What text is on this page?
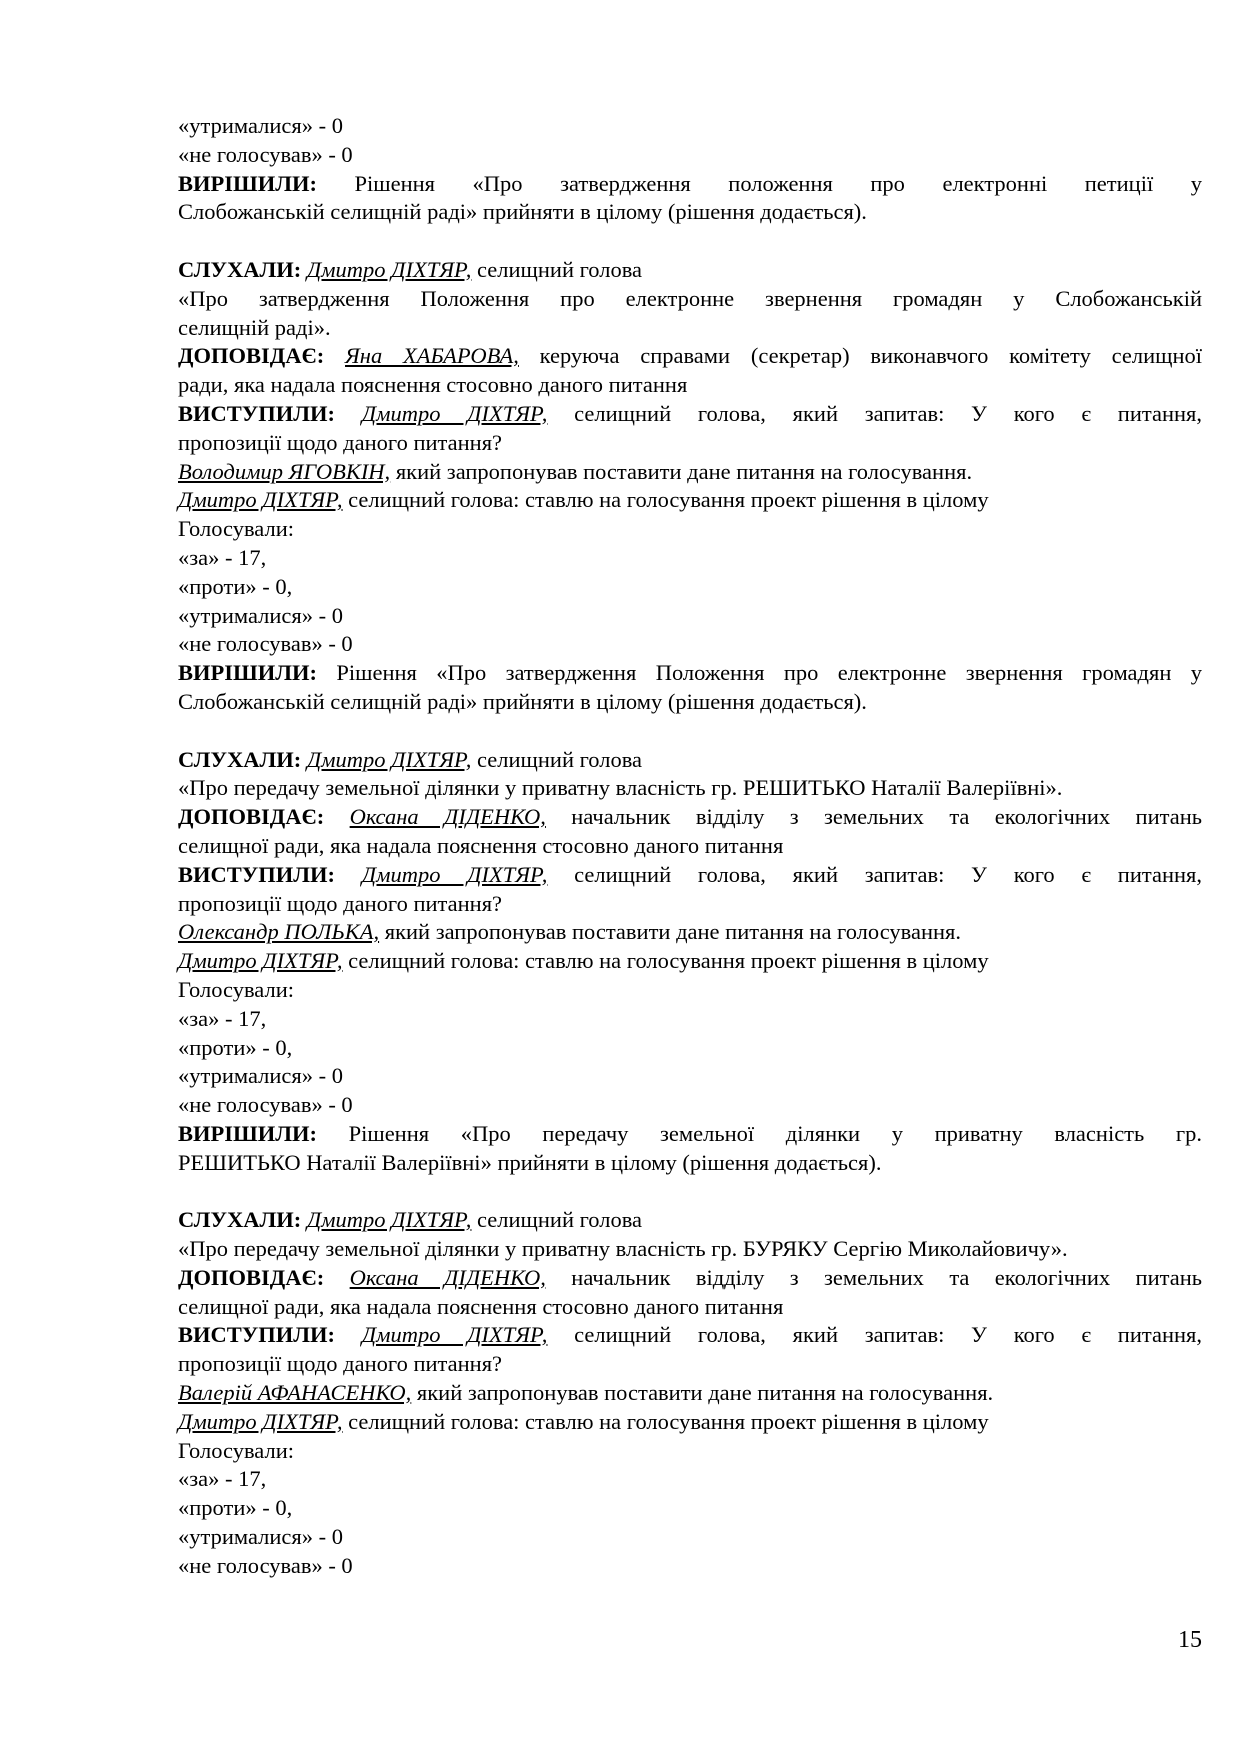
«утрималися» - 0

«не голосував» - 0

ВИРІШИЛИ: Рішення «Про затвердження положення про електронні петиції у

Слобожанській селищній раді» прийняти в цілому (рішення додається).

СЛУХАЛИ: Дмитро ДІХТЯР, селищний голова

«Про затвердження Положення про електронне звернення громадян у Слобожанській

селищній раді».

ДОПОВІДАЄ: Яна ХАБАРОВА, керуюча справами (секретар) виконавчого комітету селищної

ради, яка надала пояснення стосовно даного питання

ВИСТУПИЛИ: Дмитро ДІХТЯР, селищний голова, який запитав: У кого є питання,

пропозиції щодо даного питання?

Володимир ЯГОВКІН, який запропонував поставити дане питання на голосування.

Дмитро ДІХТЯР, селищний голова: ставлю на голосування проект рішення в цілому

Голосували:

«за» - 17,

«проти» - 0,

«утрималися» - 0

«не голосував» - 0

ВИРІШИЛИ: Рішення «Про затвердження Положення про електронне звернення громадян у

Слобожанській селищній раді» прийняти в цілому (рішення додається).

СЛУХАЛИ: Дмитро ДІХТЯР, селищний голова

«Про передачу земельної ділянки у приватну власність гр. РЕШИТЬКО Наталії Валеріївні».

ДОПОВІДАЄ: Оксана ДІДЕНКО, начальник відділу з земельних та екологічних питань

селищної ради, яка надала пояснення стосовно даного питання

ВИСТУПИЛИ: Дмитро ДІХТЯР, селищний голова, який запитав: У кого є питання,

пропозиції щодо даного питання?

Олександр ПОЛЬКА, який запропонував поставити дане питання на голосування.

Дмитро ДІХТЯР, селищний голова: ставлю на голосування проект рішення в цілому

Голосували:

«за» - 17,

«проти» - 0,

«утрималися» - 0

«не голосував» - 0

ВИРІШИЛИ: Рішення «Про передачу земельної ділянки у приватну власність гр.

РЕШИТЬКО Наталії Валеріївні» прийняти в цілому (рішення додається).

СЛУХАЛИ: Дмитро ДІХТЯР, селищний голова

«Про передачу земельної ділянки у приватну власність гр. БУРЯКУ Сергію Миколайовичу».

ДОПОВІДАЄ: Оксана ДІДЕНКО, начальник відділу з земельних та екологічних питань

селищної ради, яка надала пояснення стосовно даного питання

ВИСТУПИЛИ: Дмитро ДІХТЯР, селищний голова, який запитав: У кого є питання,

пропозиції щодо даного питання?

Валерій АФАНАСЕНКО, який запропонував поставити дане питання на голосування.

Дмитро ДІХТЯР, селищний голова: ставлю на голосування проект рішення в цілому

Голосували:

«за» - 17,

«проти» - 0,

«утрималися» - 0

«не голосував» - 0

15
